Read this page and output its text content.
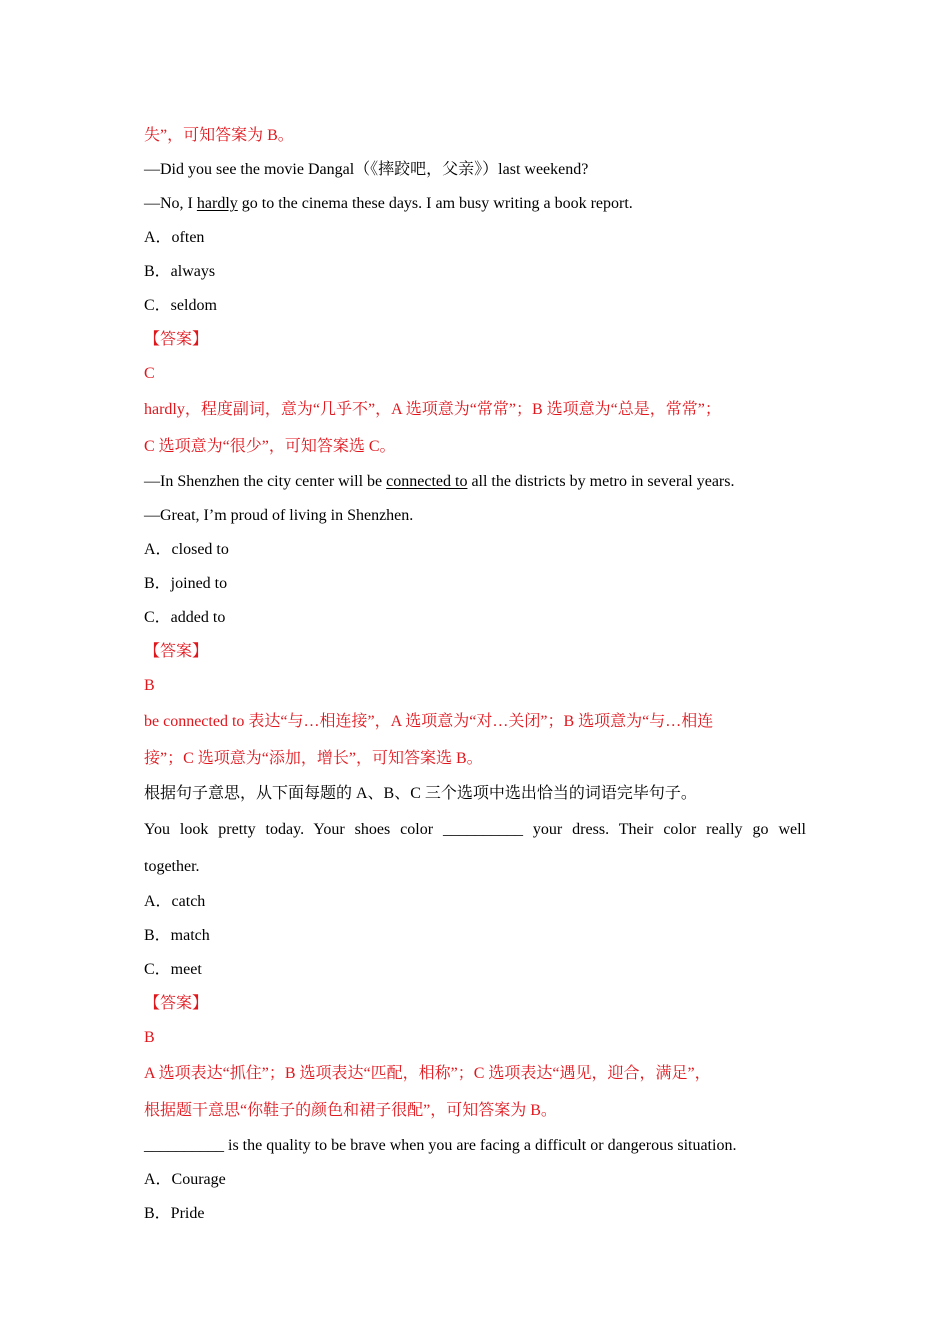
失”，可知答案为 B。
—Did you see the movie Dangal（《摔跤吧，父亲》）last weekend?
—No, I hardly go to the cinema these days. I am busy writing a book report.
A．often
B．always
C．seldom
【答案】
C
hardly，程度副词，意为“几乎不”，A 选项意为“常常”；B 选项意为“总是，常常”；
C 选项意为“很少”，可知答案选 C。
—In Shenzhen the city center will be connected to all the districts by metro in several years.
—Great, I’m proud of living in Shenzhen.
A．closed to
B．joined to
C．added to
【答案】
B
be connected to 表达“与…相连接”，A 选项意为“对…关闭”；B 选项意为“与…相连
接”；C 选项意为“添加，增长”，可知答案选 B。
根据句子意思，从下面每题的 A、B、C 三个选项中选出恰当的词语完毕句子。
You look pretty today. Your shoes color __________ your dress. Their color really go well
together.
A．catch
B．match
C．meet
【答案】
B
A 选项表达“抓住”；B 选项表达“匹配，相称”；C 选项表达“遇见，迎合，满足”，
根据题干意思“你鞋子的颜色和裙子很配”，可知答案为 B。
__________ is the quality to be brave when you are facing a difficult or dangerous situation.
A．Courage
B．Pride
